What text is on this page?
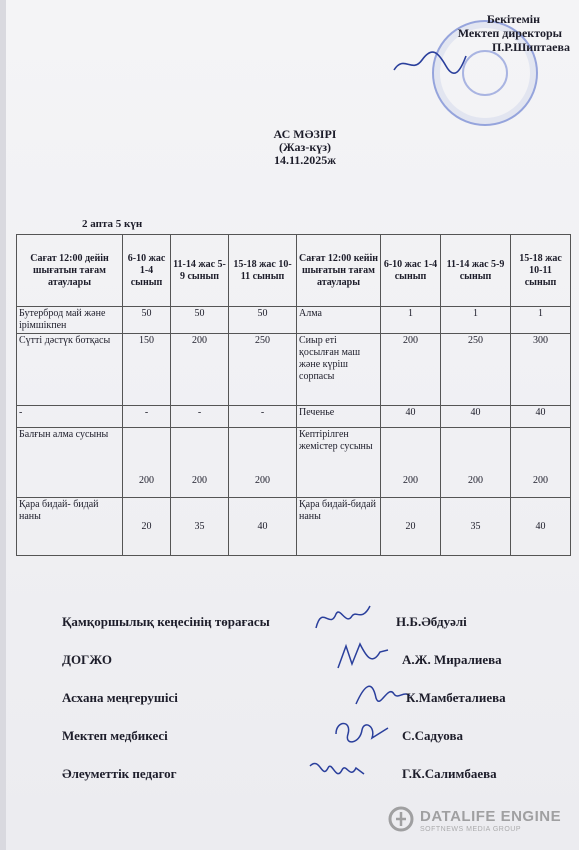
Бекітемін
Мектеп директоры
П.Р.Шиптаева
АС МӘЗІРІ
(Жаз-күз)
14.11.2025ж
2 апта 5 күн
Сағат 12:00 дейін шығатын тағам атаулары	6-10 жас 1-4 сынып	11-14 жас 5-9 сынып	15-18 жас 10-11 сынып	Сағат 12:00 кейін шығатын тағам атаулары	6-10 жас 1-4 сынып	11-14 жас 5-9 сынып	15-18 жас 10-11 сынып
Бутерброд май және ірімшікпен	50	50	50	Алма	1	1	1
Сүтті дәстүк ботқасы	150	200	250	Сиыр еті қосылған маш және күріш сорпасы	200	250	300
-	-	-	-	Печенье	40	40	40
Балғын алма сусыны	200	200	200	Кептірілген жемістер сусыны	200	200	200
Қара бидай- бидай наны	20	35	40	Қара бидай-бидай наны	20	35	40
Қамқоршылық кеңесінің төрағасы	Н.Б.Әбдуәлі
ДОГЖО	А.Ж. Миралиева
Асхана меңгерушісі	К.Мамбеталиева
Мектеп медбикесі	С.Садуова
Әлеуметтік педагог	Г.К.Салимбаева
DATALIFE ENGINE
SOFTNEWS MEDIA GROUP
